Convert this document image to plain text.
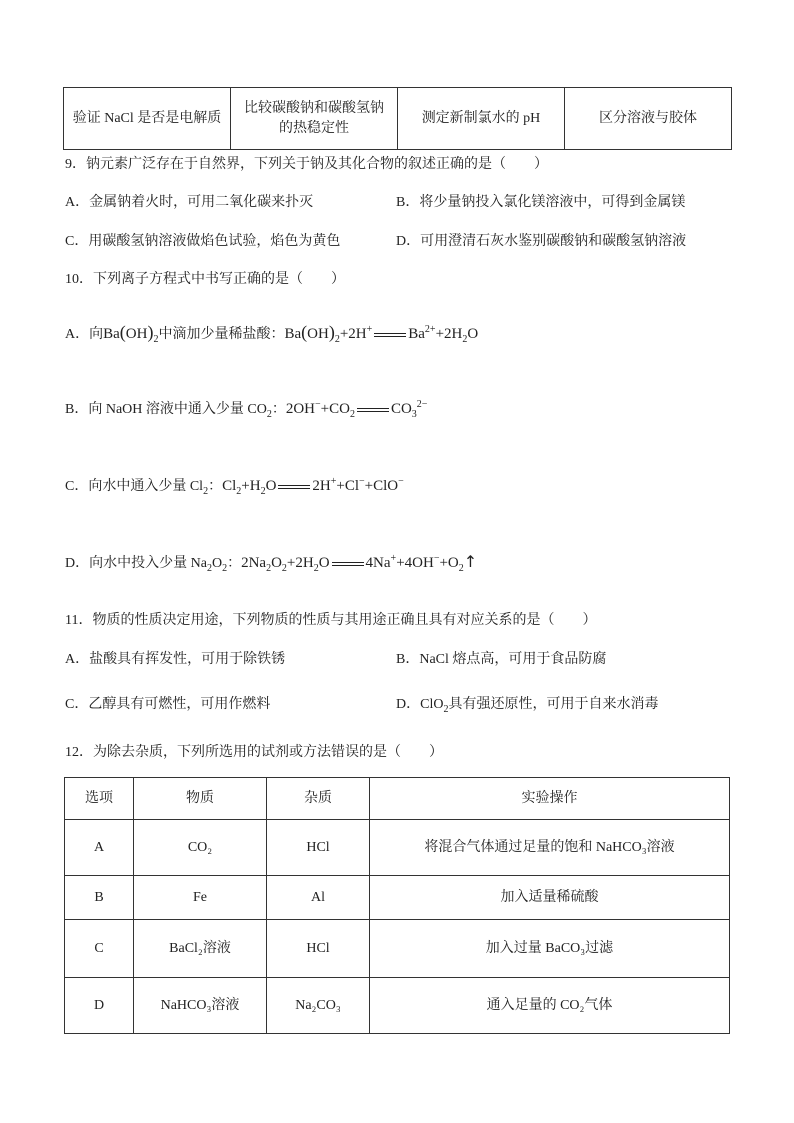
验证 NaCl 是否是电解质	比较碳酸钠和碳酸氢钠
的热稳定性	测定新制氯水的 pH	区分溶液与胶体
9．钠元素广泛存在于自然界，下列关于钠及其化合物的叙述正确的是（　　）
A．金属钠着火时，可用二氧化碳来扑灭	B．将少量钠投入氯化镁溶液中，可得到金属镁
C．用碳酸氢钠溶液做焰色试验，焰色为黄色	D．可用澄清石灰水鉴别碳酸钠和碳酸氢钠溶液
10．下列离子方程式中书写正确的是（　　）
A．向$Ba(OH)_2$中滴加少量稀盐酸：$Ba(OH)_2+2H^+$ $Ba^{2+}+2H_2O$
B．向 NaOH 溶液中通入少量 $CO_2$：$2OH^-+CO_2$ $CO_3^{2-}$
C．向水中通入少量 $Cl_2$：$Cl_2+H_2O$ 2H++Cl−+ClO−
D．向水中投入少量 $Na_2O_2$：$2Na_2O_2+2H_2O$ $4Na^++4OH^-+O_2↑$
11．物质的性质决定用途，下列物质的性质与其用途正确且具有对应关系的是（　　）
A．盐酸具有挥发性，可用于除铁锈	B．NaCl 熔点高，可用于食品防腐
C．乙醇具有可燃性，可用作燃料	D．ClO$_2$具有强还原性，可用于自来水消毒
12．为除去杂质，下列所选用的试剂或方法错误的是（　　）
选项	物质	杂质	实验操作
A	CO₂	HCl	将混合气体通过足量的饱和 NaHCO₃溶液
B	Fe	Al	加入适量稀硫酸
C	BaCl₂溶液	HCl	加入过量 BaCO₃过滤
D	NaHCO₃溶液	Na₂CO₃	通入足量的 CO₂气体
